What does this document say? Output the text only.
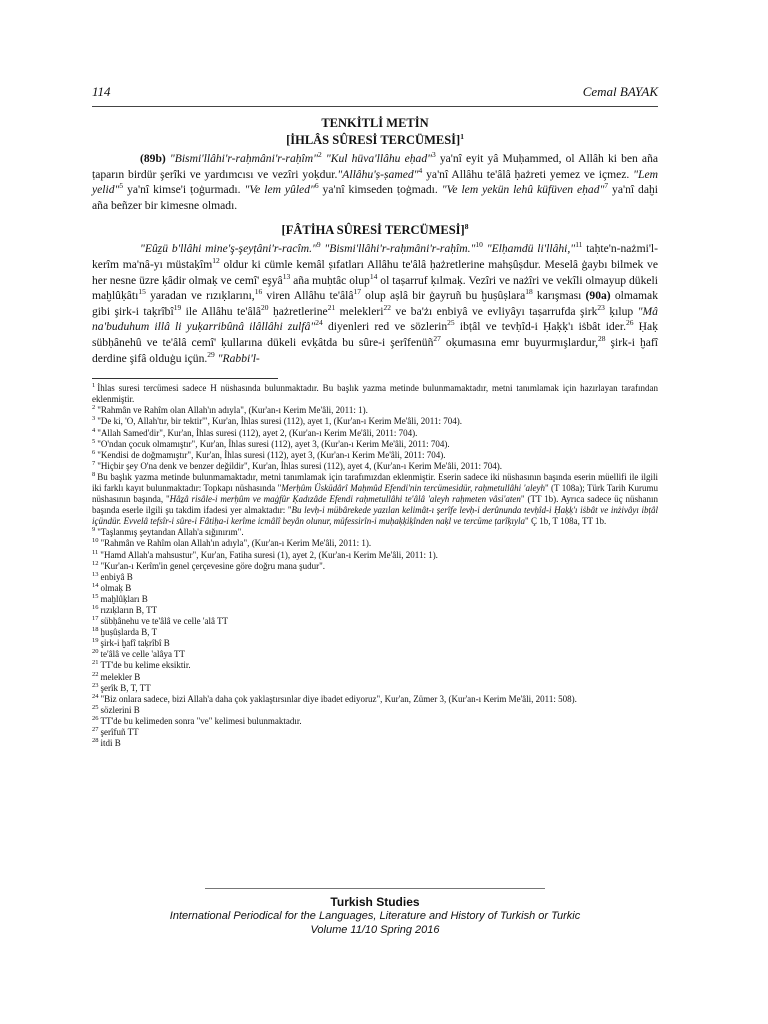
114	Cemal BAYAK

TENKİTLİ METİN

[İHLÂS SÛRESİ TERCÜMESİ]$^1$

(89b) "Bismi'llâhi'r-raḥmâni'r-raḥîm"$^2$ "Kul hüva'llâhu eḥad"$^3$ ya'nî eyit yâ Muḥammed, ol Allâh ki ben aña ṭaparın birdür şerîki ve yardımcısı ve vezîri yoḳdur."Allâhu'ṣ-ṣamed"$^4$ ya'nî Allâhu te'âlâ ḥażreti yemez ve içmez. "Lem yelid"$^5$ ya'nî kimse'i ṭoġurmadı. "Ve lem yûled"$^6$ ya'nî kimseden ṭoġmadı. "Ve lem yekün lehû küfüven eḥad"$^7$ ya'nî daḫi aña beñzer bir kimesne olmadı.

[FÂTİHA SÛRESİ TERCÜMESİ]$^8$

"Eûẕü b'llâhi mine'ş-şeyṭâni'r-racîm."$^9$ "Bismi'llâhi'r-raḥmâni'r-raḥîm."$^{10}$ "Elḥamdü li'llâhi,"$^{11}$ taḥte'n-nażmi'l-kerîm ma'nâ-yı müstaḳîm$^{12}$ oldur ki cümle kemâl ṣıfatları Allâhu te'âlâ ḥażretlerine mahṣûṣdur. Meselâ ġaybı bilmek ve her nesne üzre ḳâdir olmaḳ ve cemî' eşyâ$^{13}$ aña muḥtâc olup$^{14}$ ol taṣarruf ḳılmaḳ. Vezîri ve nażîri ve vekîli olmayup dükeli maḫlûḳâtı$^{15}$ yaradan ve rızıḳlarını,$^{16}$ viren Allâhu te'âlâ$^{17}$ olup aṣlâ bir ġayruñ bu ḫuṣûṣlara$^{18}$ karışması (90a) olmamak gibi şirk-i taḳrîbî$^{19}$ ile Allâhu te'âlâ$^{20}$ ḥażretlerine$^{21}$ melekleri$^{22}$ ve ba'żı enbiyâ ve evliyâyı taṣarrufda şirk$^{23}$ ḳılup "Mâ na'buduhum illâ li yuḳarribûnâ ilâllâhi zulfâ"$^{24}$ diyenleri red ve sözlerin$^{25}$ ibṭâl ve tevḥîd-i Ḥaḳḳ'ı iṡbât ider.$^{26}$ Ḥaḳ sübḥânehû ve te'âlâ cemî' ḳullarına dükeli evḳâtda bu sûre-i şerîfenüñ$^{27}$ oḳumasına emr buyurmışlardur,$^{28}$ şirk-i ḫafî derdine şifâ olduġu içün.$^{29}$ "Rabbi'l-

$^1$ İhlas suresi tercümesi sadece H nüshasında bulunmaktadır. Bu başlık yazma metinde bulunmamaktadır, metni tanımlamak için hazırlayan tarafından eklenmiştir.

$^2$ "Rahmân ve Rahîm olan Allah'ın adıyla", (Kur'an-ı Kerim Me'âli, 2011: 1).

$^3$ "De ki, 'O, Allah'tır, bir tektir'", Kur'an, İhlas suresi (112), ayet 1, (Kur'an-ı Kerim Me'âli, 2011: 704).

$^4$ "Allah Samed'dir", Kur'an, İhlas suresi (112), ayet 2, (Kur'an-ı Kerim Me'âli, 2011: 704).

$^5$ "O'ndan çocuk olmamıştır", Kur'an, İhlas suresi (112), ayet 3, (Kur'an-ı Kerim Me'âli, 2011: 704).

$^6$ "Kendisi de doğmamıştır", Kur'an, İhlas suresi (112), ayet 3, (Kur'an-ı Kerim Me'âli, 2011: 704).

$^7$ "Hiçbir şey O'na denk ve benzer değildir", Kur'an, İhlas suresi (112), ayet 4, (Kur'an-ı Kerim Me'âli, 2011: 704).

$^8$ Bu başlık yazma metinde bulunmamaktadır, metni tanımlamak için tarafımızdan eklenmiştir. Eserin sadece iki nüshasının başında eserin müellifi ile ilgili iki farklı kayıt bulunmaktadır: Topkapı nüshasında "Merḥûm Üsküdârî Maḥmûd Efendi'nin tercümesidür, raḥmetullâhi 'aleyh" (T 108a); Türk Tarih Kurumu nüshasının başında, "Hâẕâ risâle-i merḥûm ve maġfûr Ḳadızâde Efendi raḥmetullâhi te'âlâ 'aleyh raḥmeten vâsi'aten" (TT 1b). Ayrıca sadece üç nüshanın başında eserle ilgili şu takdim ifadesi yer almaktadır: "Bu levḥ-i mübârekede yazılan kelimât-ı şerîfe levḥ-i derûnunda tevḥîd-i Ḥaḳḳ'ı iṡbât ve inżivâyı ibṭâl içündür. Evvelâ tefsîr-i sûre-i Fâtiḥa-i kerîme icmâlî beyân olunur, müfessirîn-i muḥaḳḳiḳînden naḳl ve tercüme ṭarîḳıyla" Ç 1b, T 108a, TT 1b.

$^9$ "Taşlanmış şeytandan Allah'a sığınırım".

$^{10}$ "Rahmân ve Rahîm olan Allah'ın adıyla", (Kur'an-ı Kerim Me'âli, 2011: 1).

$^{11}$ "Hamd Allah'a mahsustur", Kur'an, Fatiha suresi (1), ayet 2, (Kur'an-ı Kerim Me'âli, 2011: 1).

$^{12}$ "Kur'an-ı Kerîm'in genel çerçevesine göre doğru mana şudur".

$^{13}$ enbiyâ B

$^{14}$ olmaḳ B

$^{15}$ maḫlûḳları B

$^{16}$ rızıḳların B, TT

$^{17}$ sübḥânehu ve te'âlâ ve celle 'alâ TT

$^{18}$ ḫuṣûṣlarda B, T

$^{19}$ şirk-i ḫafî taḳrîbî B

$^{20}$ te'âlâ ve celle 'alâya TT

$^{21}$ TT'de bu kelime eksiktir.

$^{22}$ melekler B

$^{23}$ şerîk B, T, TT

$^{24}$ "Biz onlara sadece, bizi Allah'a daha çok yaklaştırsınlar diye ibadet ediyoruz", Kur'an, Zümer 3, (Kur'an-ı Kerim Me'âli, 2011: 508).

$^{25}$ sözlerini B

$^{26}$ TT'de bu kelimeden sonra "ve" kelimesi bulunmaktadır.

$^{27}$ şerîfuñ TT

$^{28}$ itdi B

Turkish Studies
International Periodical for the Languages, Literature and History of Turkish or Turkic
Volume 11/10 Spring 2016
